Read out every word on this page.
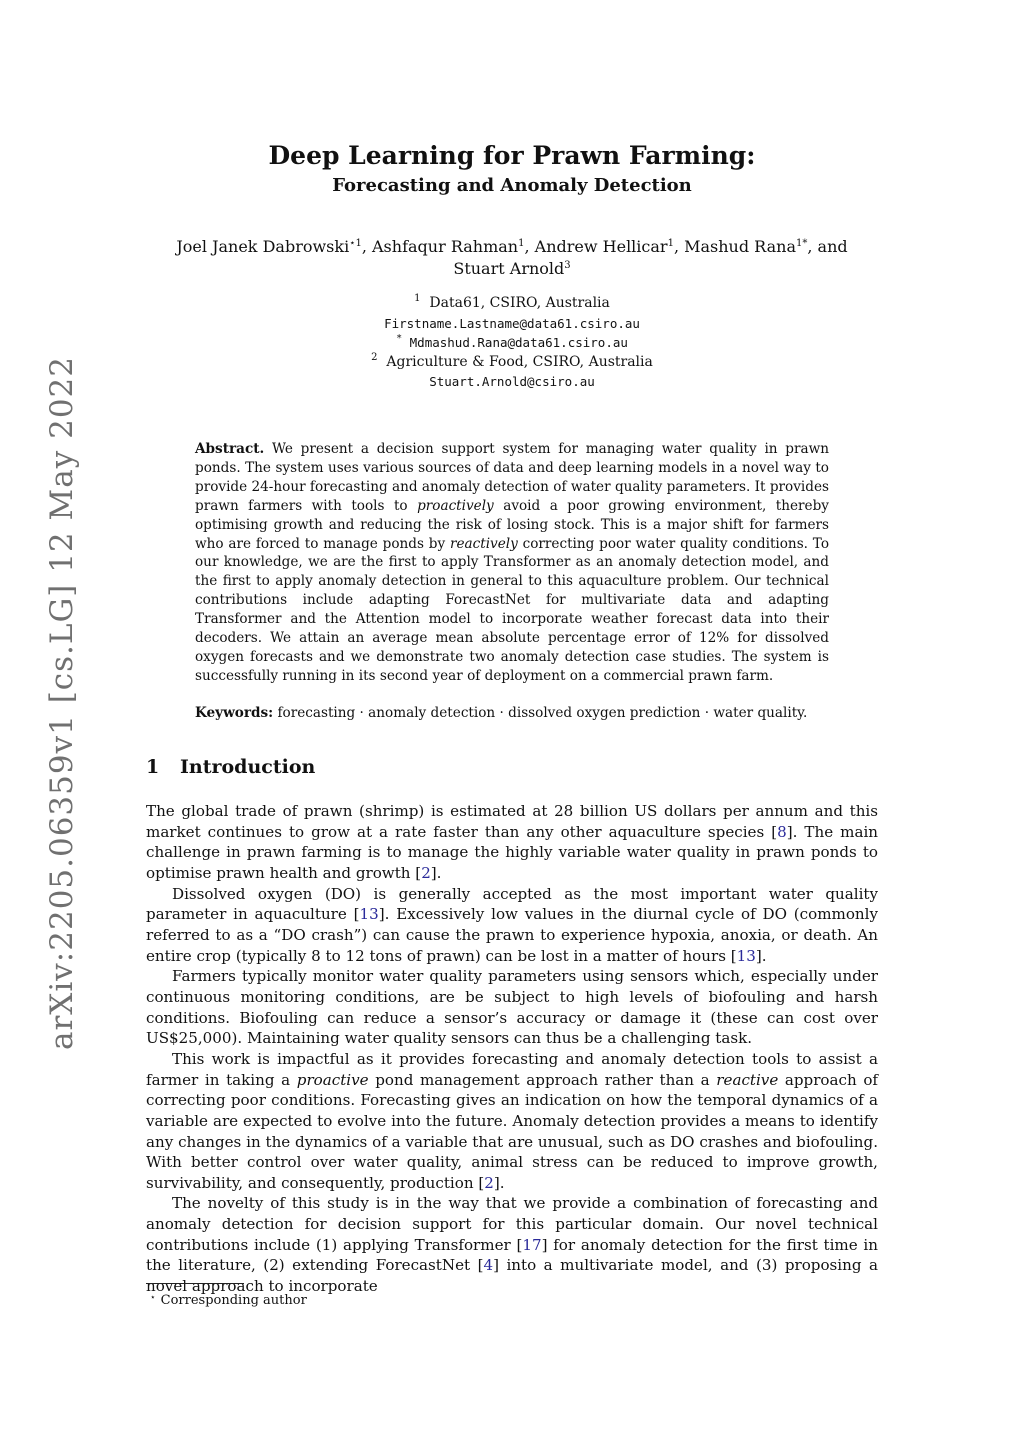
arXiv:2205.06359v1 [cs.LG] 12 May 2022
Deep Learning for Prawn Farming:
Forecasting and Anomaly Detection
Joel Janek Dabrowski$^{⋆1}$, Ashfaqur Rahman$^1$, Andrew Hellicar$^1$, Mashud Rana$^{1*}$, and Stuart Arnold$^3$
$^1$ Data61, CSIRO, Australia
Firstname.Lastname@data61.csiro.au
* Mdmashud.Rana@data61.csiro.au
$^2$ Agriculture & Food, CSIRO, Australia
Stuart.Arnold@csiro.au
Abstract. We present a decision support system for managing water quality in prawn ponds. The system uses various sources of data and deep learning models in a novel way to provide 24-hour forecasting and anomaly detection of water quality parameters. It provides prawn farmers with tools to proactively avoid a poor growing environment, thereby optimising growth and reducing the risk of losing stock. This is a major shift for farmers who are forced to manage ponds by reactively correcting poor water quality conditions. To our knowledge, we are the first to apply Transformer as an anomaly detection model, and the first to apply anomaly detection in general to this aquaculture problem. Our technical contributions include adapting ForecastNet for multivariate data and adapting Transformer and the Attention model to incorporate weather forecast data into their decoders. We attain an average mean absolute percentage error of 12% for dissolved oxygen forecasts and we demonstrate two anomaly detection case studies. The system is successfully running in its second year of deployment on a commercial prawn farm.
Keywords: forecasting · anomaly detection · dissolved oxygen prediction · water quality.
1 Introduction

The global trade of prawn (shrimp) is estimated at 28 billion US dollars per annum and this market continues to grow at a rate faster than any other aquaculture species [8]. The main challenge in prawn farming is to manage the highly variable water quality in prawn ponds to optimise prawn health and growth [2].

Dissolved oxygen (DO) is generally accepted as the most important water quality parameter in aquaculture [13]. Excessively low values in the diurnal cycle of DO (commonly referred to as a “DO crash”) can cause the prawn to experience hypoxia, anoxia, or death. An entire crop (typically 8 to 12 tons of prawn) can be lost in a matter of hours [13].

Farmers typically monitor water quality parameters using sensors which, especially under continuous monitoring conditions, are be subject to high levels of biofouling and harsh conditions. Biofouling can reduce a sensor’s accuracy or damage it (these can cost over US$25,000). Maintaining water quality sensors can thus be a challenging task.

This work is impactful as it provides forecasting and anomaly detection tools to assist a farmer in taking a proactive pond management approach rather than a reactive approach of correcting poor conditions. Forecasting gives an indication on how the temporal dynamics of a variable are expected to evolve into the future. Anomaly detection provides a means to identify any changes in the dynamics of a variable that are unusual, such as DO crashes and biofouling. With better control over water quality, animal stress can be reduced to improve growth, survivability, and consequently, production [2].

The novelty of this study is in the way that we provide a combination of forecasting and anomaly detection for decision support for this particular domain. Our novel technical contributions include (1) applying Transformer [17] for anomaly detection for the first time in the literature, (2) extending ForecastNet [4] into a multivariate model, and (3) proposing a novel approach to incorporate

⋆ Corresponding author
